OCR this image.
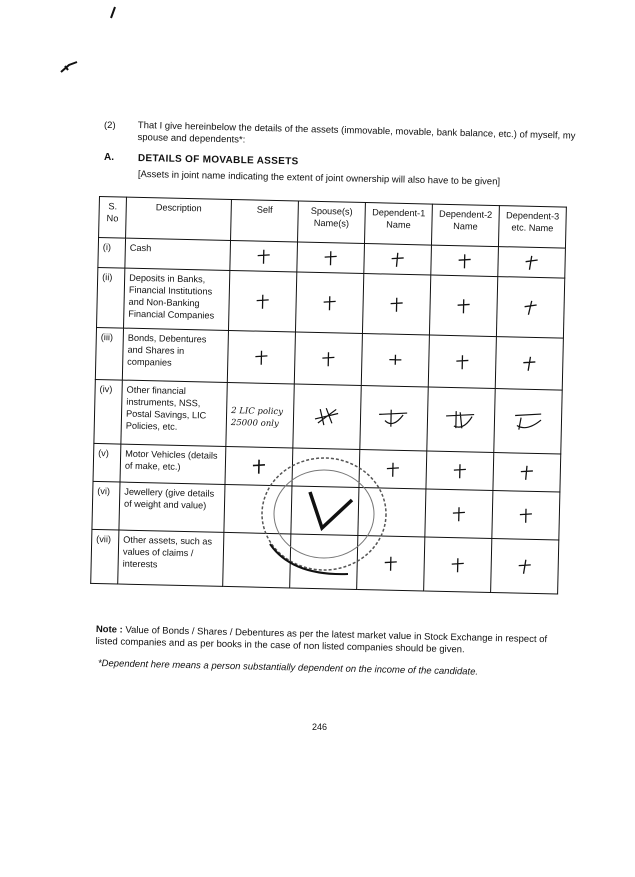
(2) That I give hereinbelow the details of the assets (immovable, movable, bank balance, etc.) of myself, my spouse and dependents*:
A. DETAILS OF MOVABLE ASSETS
[Assets in joint name indicating the extent of joint ownership will also have to be given]
S. No	Description	Self	Spouse(s) Name(s)	Dependent-1 Name	Dependent-2 Name	Dependent-3 etc. Name
(i)	Cash	

(ii)	Deposits in Banks, Financial Institutions and Non-Banking Financial Companies	

(iii)	Bonds, Debentures and Shares in companies	

(iv)	Other financial instruments, NSS, Postal Savings, LIC Policies, etc.	2 LIC policy 25000 only	

(v)	Motor Vehicles (details of make, etc.)	

(vi)	Jewellery (give details of weight and value)				

(vii)	Other assets, such as values of claims / interests			

Note : Value of Bonds / Shares / Debentures as per the latest market value in Stock Exchange in respect of listed companies and as per books in the case of non listed companies should be given.
*Dependent here means a person substantially dependent on the income of the candidate.
246
